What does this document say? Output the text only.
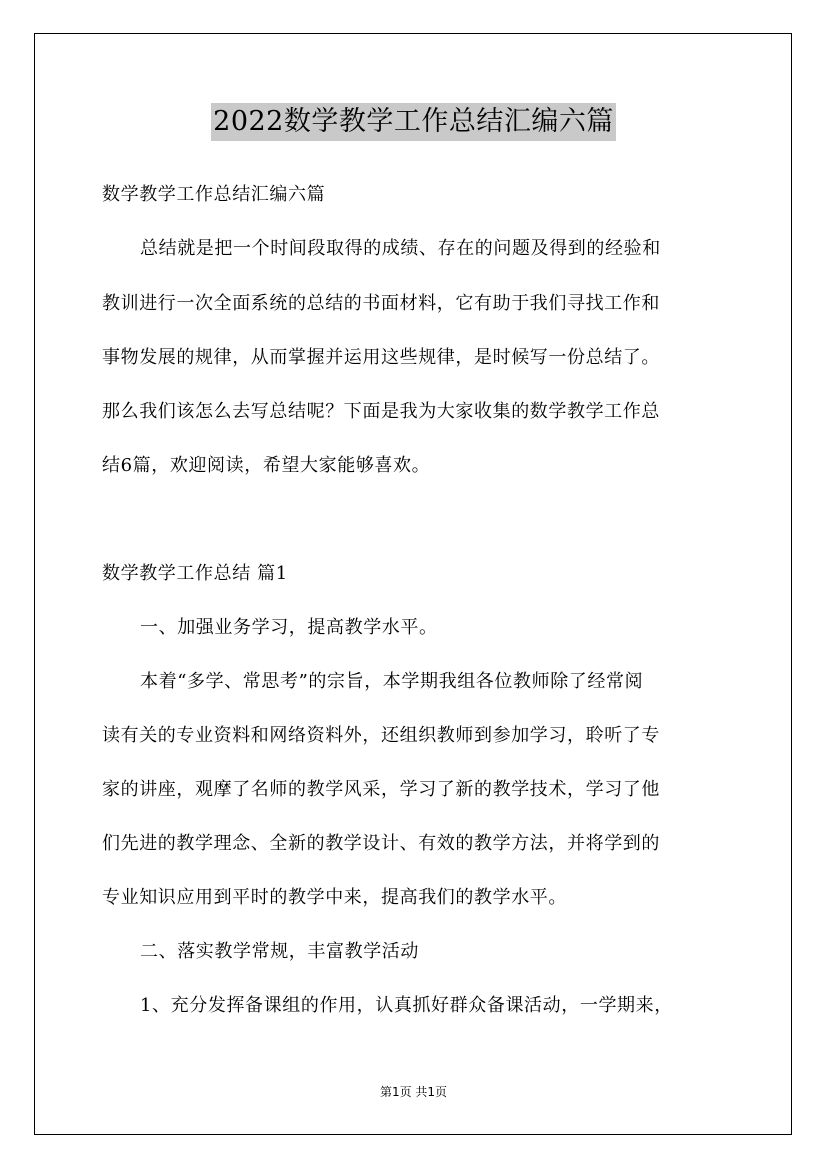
2022数学教学工作总结汇编六篇
数学教学工作总结汇编六篇
总结就是把一个时间段取得的成绩、存在的问题及得到的经验和
教训进行一次全面系统的总结的书面材料，它有助于我们寻找工作和
事物发展的规律，从而掌握并运用这些规律，是时候写一份总结了。
那么我们该怎么去写总结呢？下面是我为大家收集的数学教学工作总
结6篇，欢迎阅读，希望大家能够喜欢。
数学教学工作总结 篇1
一、加强业务学习，提高教学水平。
本着“多学、常思考”的宗旨，本学期我组各位教师除了经常阅
读有关的专业资料和网络资料外，还组织教师到参加学习，聆听了专
家的讲座，观摩了名师的教学风采，学习了新的教学技术，学习了他
们先进的教学理念、全新的教学设计、有效的教学方法，并将学到的
专业知识应用到平时的教学中来，提高我们的教学水平。
二、落实教学常规，丰富教学活动
1、充分发挥备课组的作用，认真抓好群众备课活动，一学期来，
第1页 共1页
